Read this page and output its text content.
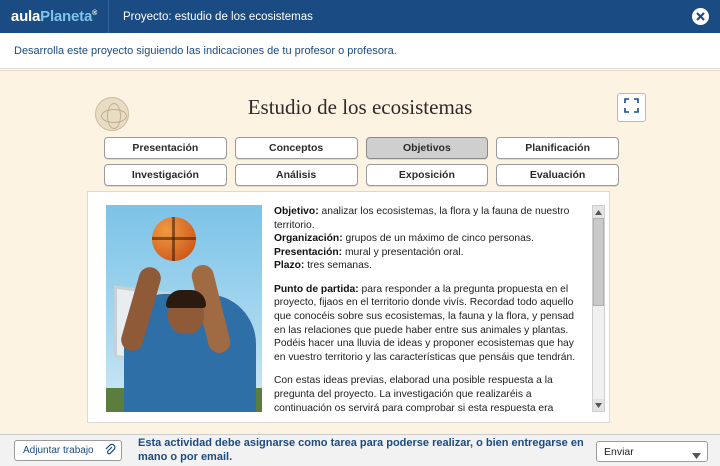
aulaPlaneta® Proyecto: estudio de los ecosistemas
Desarrolla este proyecto siguiendo las indicaciones de tu profesor o profesora.
Estudio de los ecosistemas
Presentación	Conceptos	Objetivos	Planificación
Investigación	Análisis	Exposición	Evaluación

Objetivo: analizar los ecosistemas, la flora y la fauna de nuestro territorio.
Organización: grupos de un máximo de cinco personas.
Presentación: mural y presentación oral.
Plazo: tres semanas.

Punto de partida: para responder a la pregunta propuesta en el proyecto, fijaos en el territorio donde vivís. Recordad todo aquello que conocéis sobre sus ecosistemas, la fauna y la flora, y pensad en las relaciones que puede haber entre sus animales y plantas. Podéis hacer una lluvia de ideas y proponer ecosistemas que hay en vuestro territorio y las características que pensáis que tendrán.

Con estas ideas previas, elaborad una posible respuesta a la pregunta del proyecto. La investigación que realizaréis a continuación os servirá para comprobar si esta respuesta era

Adjuntar trabajo
Esta actividad debe asignarse como tarea para poderse realizar, o bien entregarse en mano o por email.	Enviar
